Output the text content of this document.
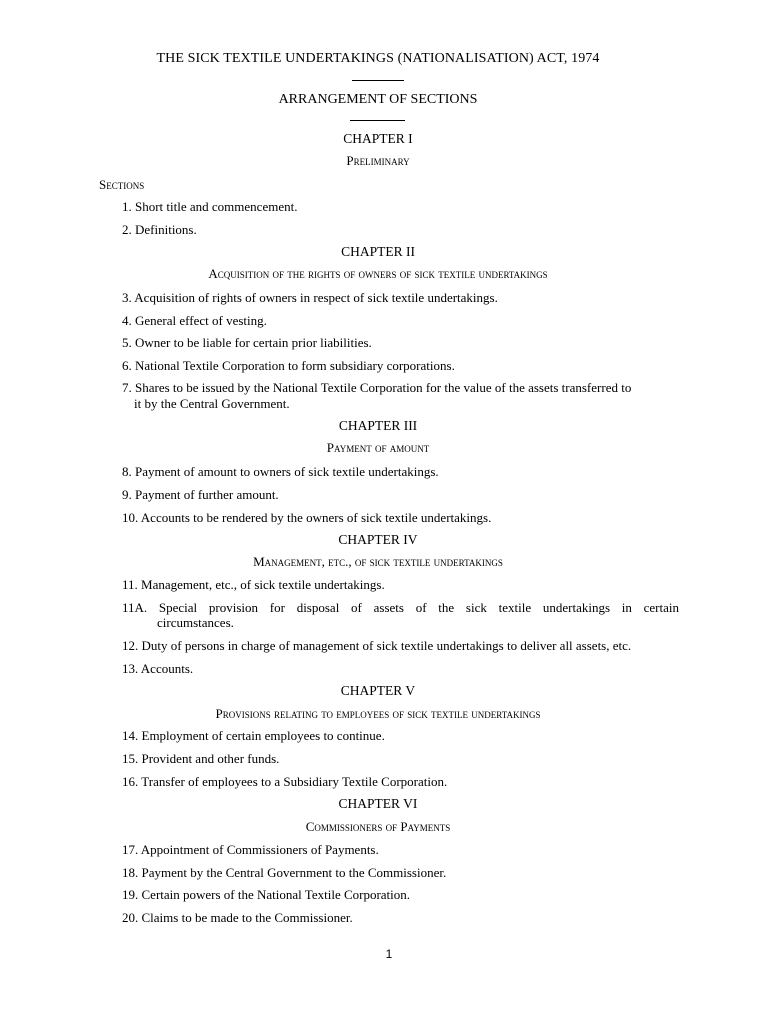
THE SICK TEXTILE UNDERTAKINGS (NATIONALISATION) ACT, 1974
ARRANGEMENT OF SECTIONS
CHAPTER I
Preliminary
Sections
1. Short title and commencement.
2. Definitions.
CHAPTER II
Acquisition of the rights of owners of sick textile undertakings
3. Acquisition of rights of owners in respect of sick textile undertakings.
4. General effect of vesting.
5. Owner to be liable for certain prior liabilities.
6. National Textile Corporation to form subsidiary corporations.
7. Shares to be issued by the National Textile Corporation for the value of the assets transferred to
it by the Central Government.
CHAPTER III
Payment of amount
8. Payment of amount to owners of sick textile undertakings.
9. Payment of further amount.
10. Accounts to be rendered by the owners of sick textile undertakings.
CHAPTER IV
Management, etc., of sick textile undertakings
11. Management, etc., of sick textile undertakings.
11A. Special provision for disposal of assets of the sick textile undertakings in certain
circumstances.
12. Duty of persons in charge of management of sick textile undertakings to deliver all assets, etc.
13. Accounts.
CHAPTER V
Provisions relating to employees of sick textile undertakings
14. Employment of certain employees to continue.
15. Provident and other funds.
16. Transfer of employees to a Subsidiary Textile Corporation.
CHAPTER VI
Commissioners of Payments
17. Appointment of Commissioners of Payments.
18. Payment by the Central Government to the Commissioner.
19. Certain powers of the National Textile Corporation.
20. Claims to be made to the Commissioner.
1
